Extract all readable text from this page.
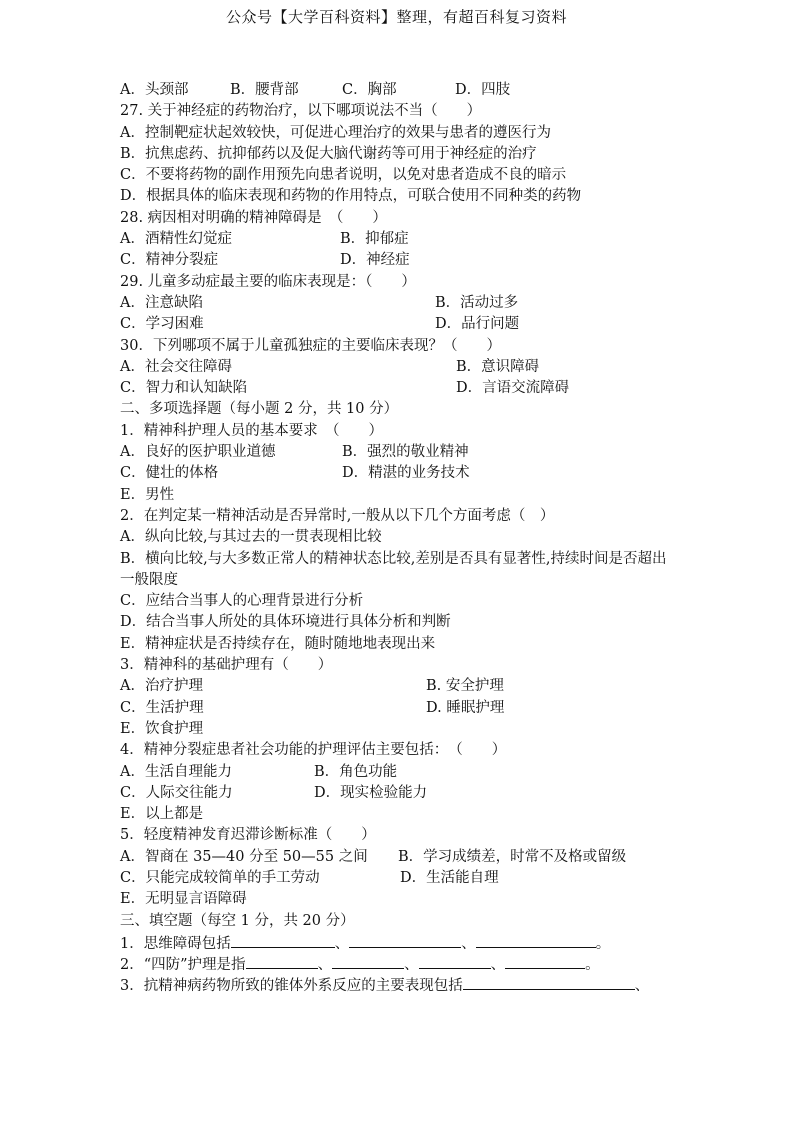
公众号【大学百科资料】整理，有超百科复习资料
A．头颈部	B．腰背部	C．胸部	D．四肢
27. 关于神经症的药物治疗，以下哪项说法不当（　　）
A．控制靶症状起效较快，可促进心理治疗的效果与患者的遵医行为
B．抗焦虑药、抗抑郁药以及促大脑代谢药等可用于神经症的治疗
C．不要将药物的副作用预先向患者说明，以免对患者造成不良的暗示
D．根据具体的临床表现和药物的作用特点，可联合使用不同种类的药物
28. 病因相对明确的精神障碍是　（　　）
A．酒精性幻觉症	B．抑郁症
C．精神分裂症	D．神经症
29. 儿童多动症最主要的临床表现是：（　　）
A．注意缺陷	B．活动过多
C．学习困难	D．品行问题
30．下列哪项不属于儿童孤独症的主要临床表现？（　　）
A．社会交往障碍	B．意识障碍
C．智力和认知缺陷	D．言语交流障碍
二、多项选择题（每小题 2 分，共 10 分）
1．精神科护理人员的基本要求　（　　）
A．良好的医护职业道德	B．强烈的敬业精神
C．健壮的体格	D．精湛的业务技术
E．男性
2．在判定某一精神活动是否异常时,一般从以下几个方面考虑（　）
A．纵向比较,与其过去的一贯表现相比较
B．横向比较,与大多数正常人的精神状态比较,差别是否具有显著性,持续时间是否超出一般限度
C．应结合当事人的心理背景进行分析
D．结合当事人所处的具体环境进行具体分析和判断
E．精神症状是否持续存在，随时随地地表现出来
3．精神科的基础护理有（　　）
A．治疗护理	B. 安全护理
C．生活护理	D. 睡眠护理
E．饮食护理
4．精神分裂症患者社会功能的护理评估主要包括：　（　　）
A．生活自理能力	B．角色功能
C．人际交往能力	D．现实检验能力
E．以上都是
5．轻度精神发育迟滞诊断标准（　　）
A．智商在 35—40 分至 50—55 之间 B．学习成绩差，时常不及格或留级
C．只能完成较简单的手工劳动	D．生活能自理
E．无明显言语障碍
三、填空题（每空 1 分，共 20 分）
1．思维障碍包括	、	、	。
2．“四防”护理是指	、	、	、	。
3．抗精神病药物所致的锥体外系反应的主要表现包括	、
